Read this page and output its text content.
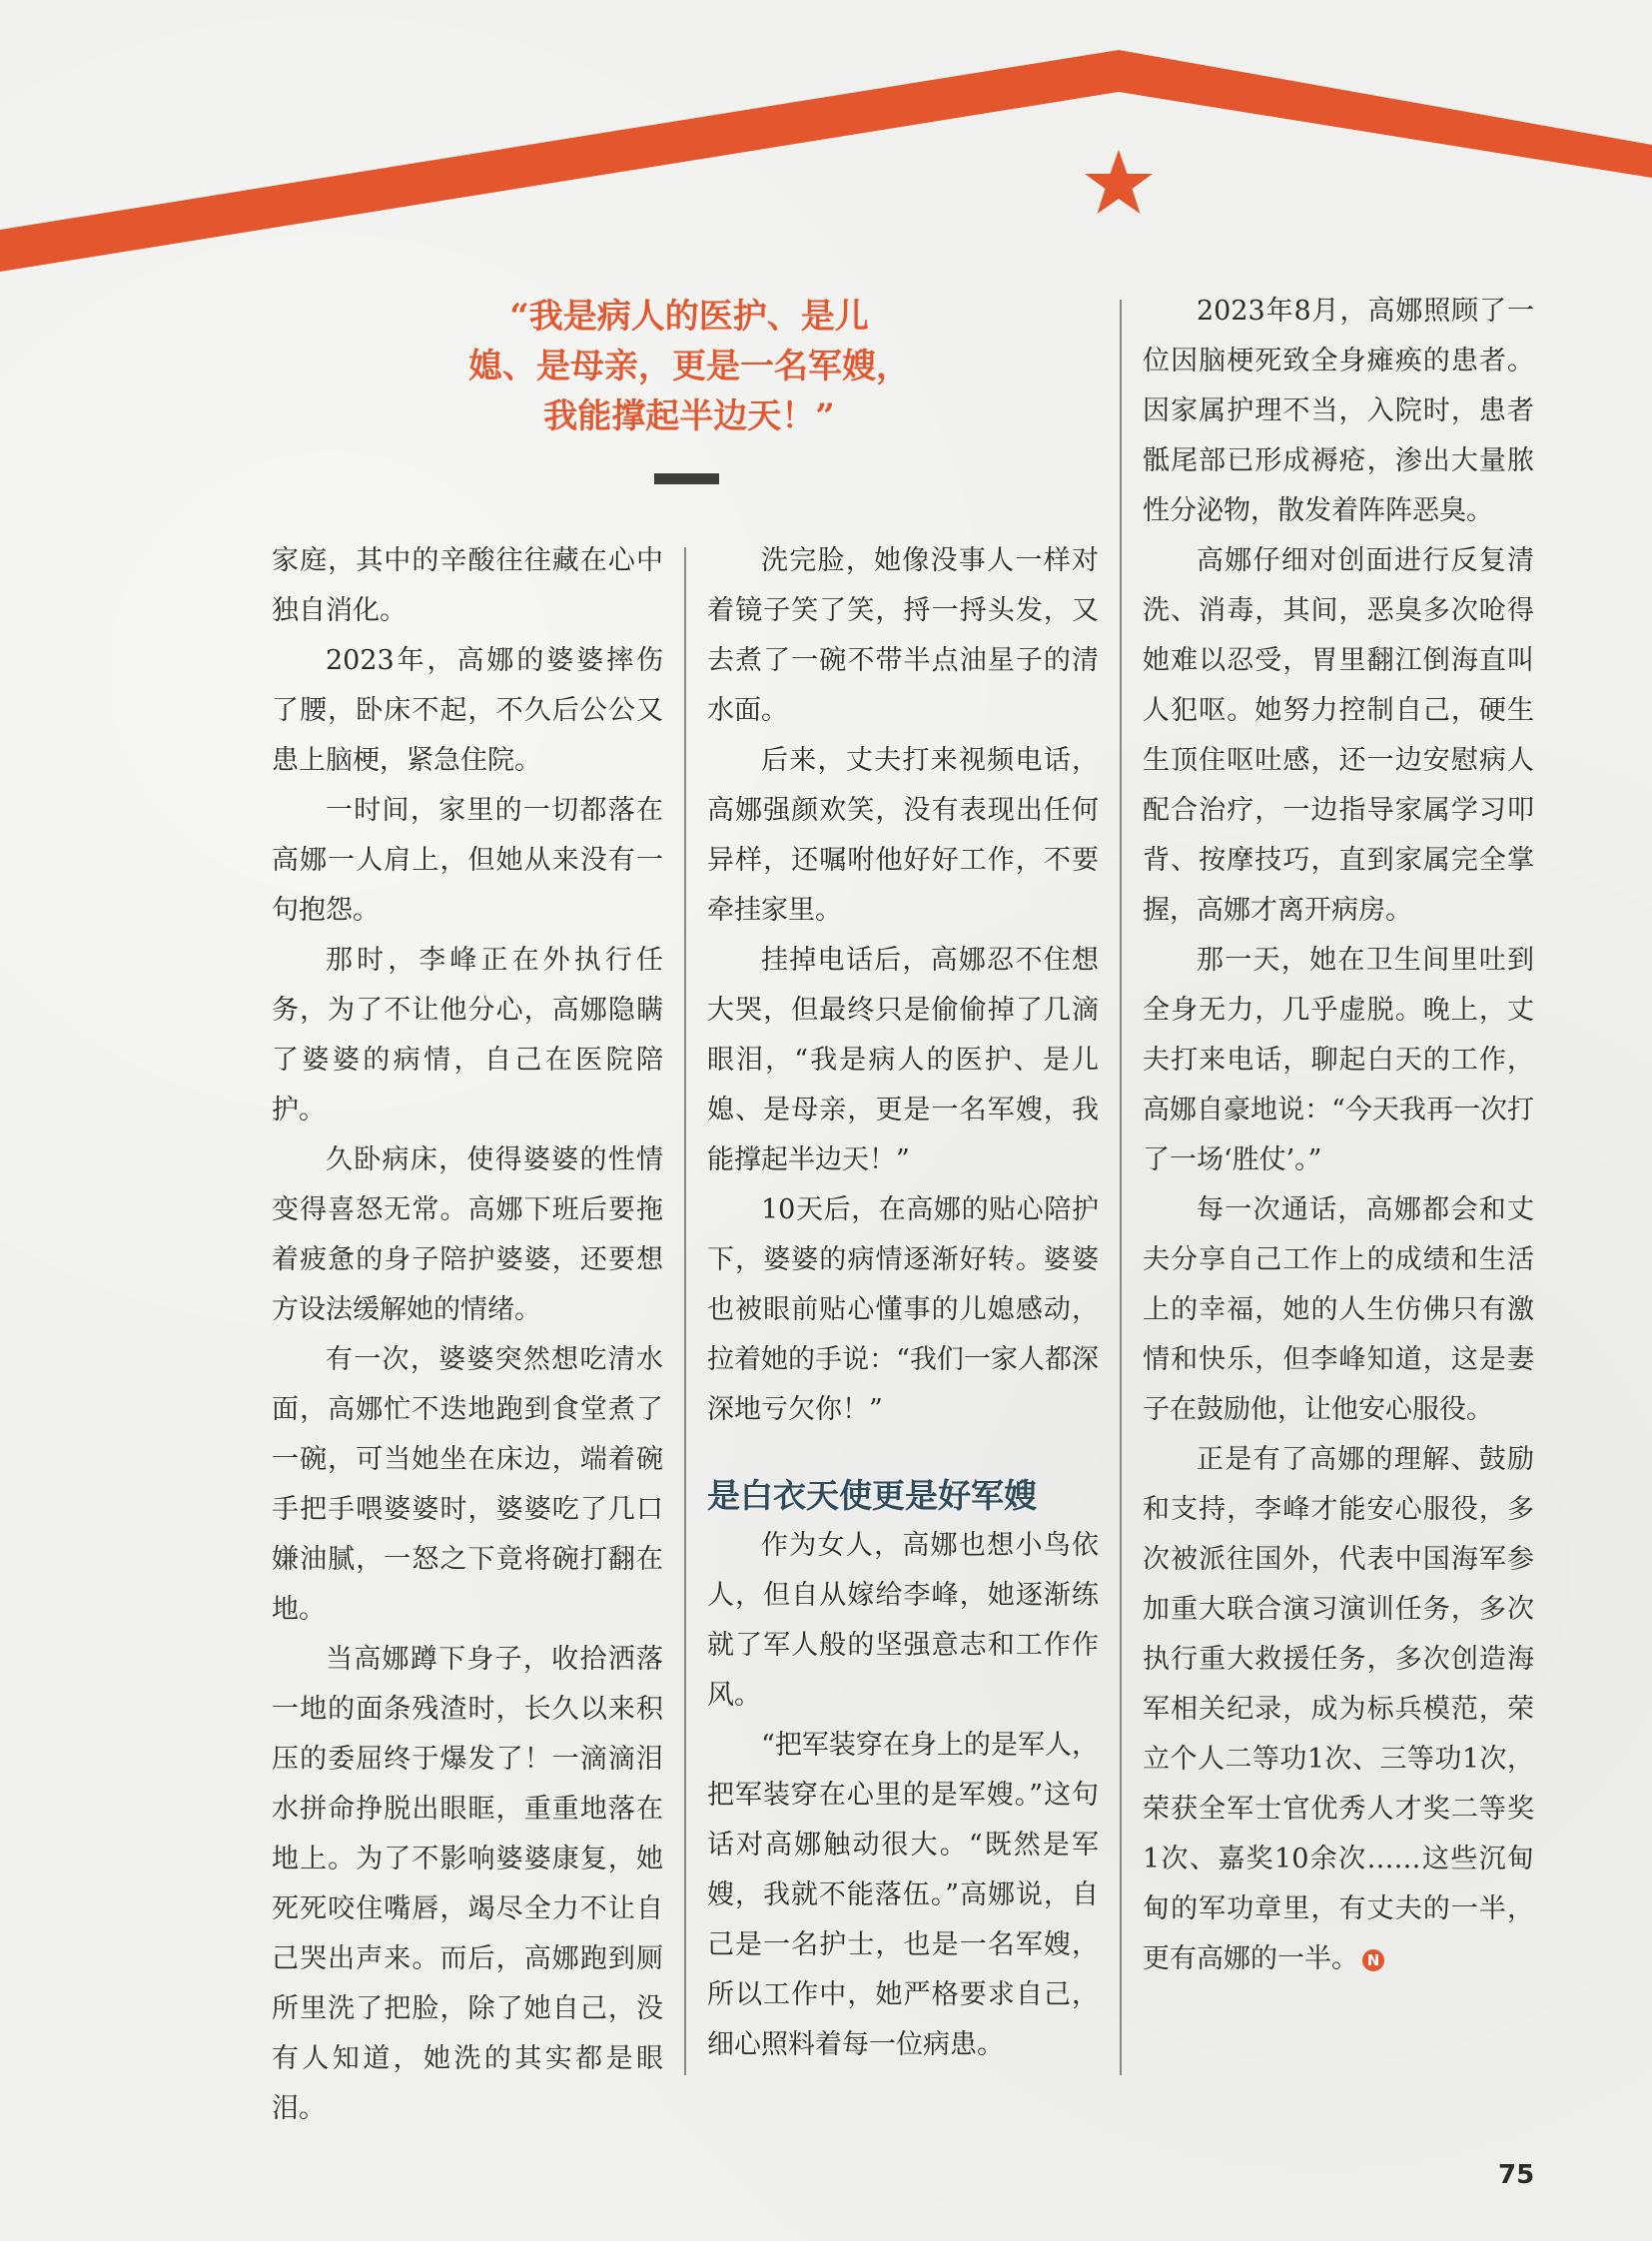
“我是病人的医护、是儿
媳、是母亲，更是一名军嫂，
我能撑起半边天！”

家庭，其中的辛酸往往藏在心中独自消化。

2023年，高娜的婆婆摔伤了腰，卧床不起，不久后公公又患上脑梗，紧急住院。

一时间，家里的一切都落在高娜一人肩上，但她从来没有一句抱怨。

那时，李峰正在外执行任务，为了不让他分心，高娜隐瞒了婆婆的病情，自己在医院陪护。

久卧病床，使得婆婆的性情变得喜怒无常。高娜下班后要拖着疲惫的身子陪护婆婆，还要想方设法缓解她的情绪。

有一次，婆婆突然想吃清水面，高娜忙不迭地跑到食堂煮了一碗，可当她坐在床边，端着碗手把手喂婆婆时，婆婆吃了几口嫌油腻，一怒之下竟将碗打翻在地。

当高娜蹲下身子，收拾洒落一地的面条残渣时，长久以来积压的委屈终于爆发了！一滴滴泪水拼命挣脱出眼眶，重重地落在地上。为了不影响婆婆康复，她死死咬住嘴唇，竭尽全力不让自己哭出声来。而后，高娜跑到厕所里洗了把脸，除了她自己，没有人知道，她洗的其实都是眼泪。

洗完脸，她像没事人一样对着镜子笑了笑，捋一捋头发，又去煮了一碗不带半点油星子的清水面。

后来，丈夫打来视频电话，高娜强颜欢笑，没有表现出任何异样，还嘱咐他好好工作，不要牵挂家里。

挂掉电话后，高娜忍不住想大哭，但最终只是偷偷掉了几滴眼泪，“我是病人的医护、是儿媳、是母亲，更是一名军嫂，我能撑起半边天！”

10天后，在高娜的贴心陪护下，婆婆的病情逐渐好转。婆婆也被眼前贴心懂事的儿媳感动，拉着她的手说：“我们一家人都深深地亏欠你！”

是白衣天使更是好军嫂

作为女人，高娜也想小鸟依人，但自从嫁给李峰，她逐渐练就了军人般的坚强意志和工作作风。

“把军装穿在身上的是军人，把军装穿在心里的是军嫂。”这句话对高娜触动很大。“既然是军嫂，我就不能落伍。”高娜说，自己是一名护士，也是一名军嫂，所以工作中，她严格要求自己，细心照料着每一位病患。

2023年8月，高娜照顾了一位因脑梗死致全身瘫痪的患者。因家属护理不当，入院时，患者骶尾部已形成褥疮，渗出大量脓性分泌物，散发着阵阵恶臭。

高娜仔细对创面进行反复清洗、消毒，其间，恶臭多次呛得她难以忍受，胃里翻江倒海直叫人犯呕。她努力控制自己，硬生生顶住呕吐感，还一边安慰病人配合治疗，一边指导家属学习叩背、按摩技巧，直到家属完全掌握，高娜才离开病房。

那一天，她在卫生间里吐到全身无力，几乎虚脱。晚上，丈夫打来电话，聊起白天的工作，高娜自豪地说：“今天我再一次打了一场‘胜仗’。”

每一次通话，高娜都会和丈夫分享自己工作上的成绩和生活上的幸福，她的人生仿佛只有激情和快乐，但李峰知道，这是妻子在鼓励他，让他安心服役。

正是有了高娜的理解、鼓励和支持，李峰才能安心服役，多次被派往国外，代表中国海军参加重大联合演习演训任务，多次执行重大救援任务，多次创造海军相关纪录，成为标兵模范，荣立个人二等功1次、三等功1次，荣获全军士官优秀人才奖二等奖1次、嘉奖10余次……这些沉甸甸的军功章里，有丈夫的一半，更有高娜的一半。 N

75
